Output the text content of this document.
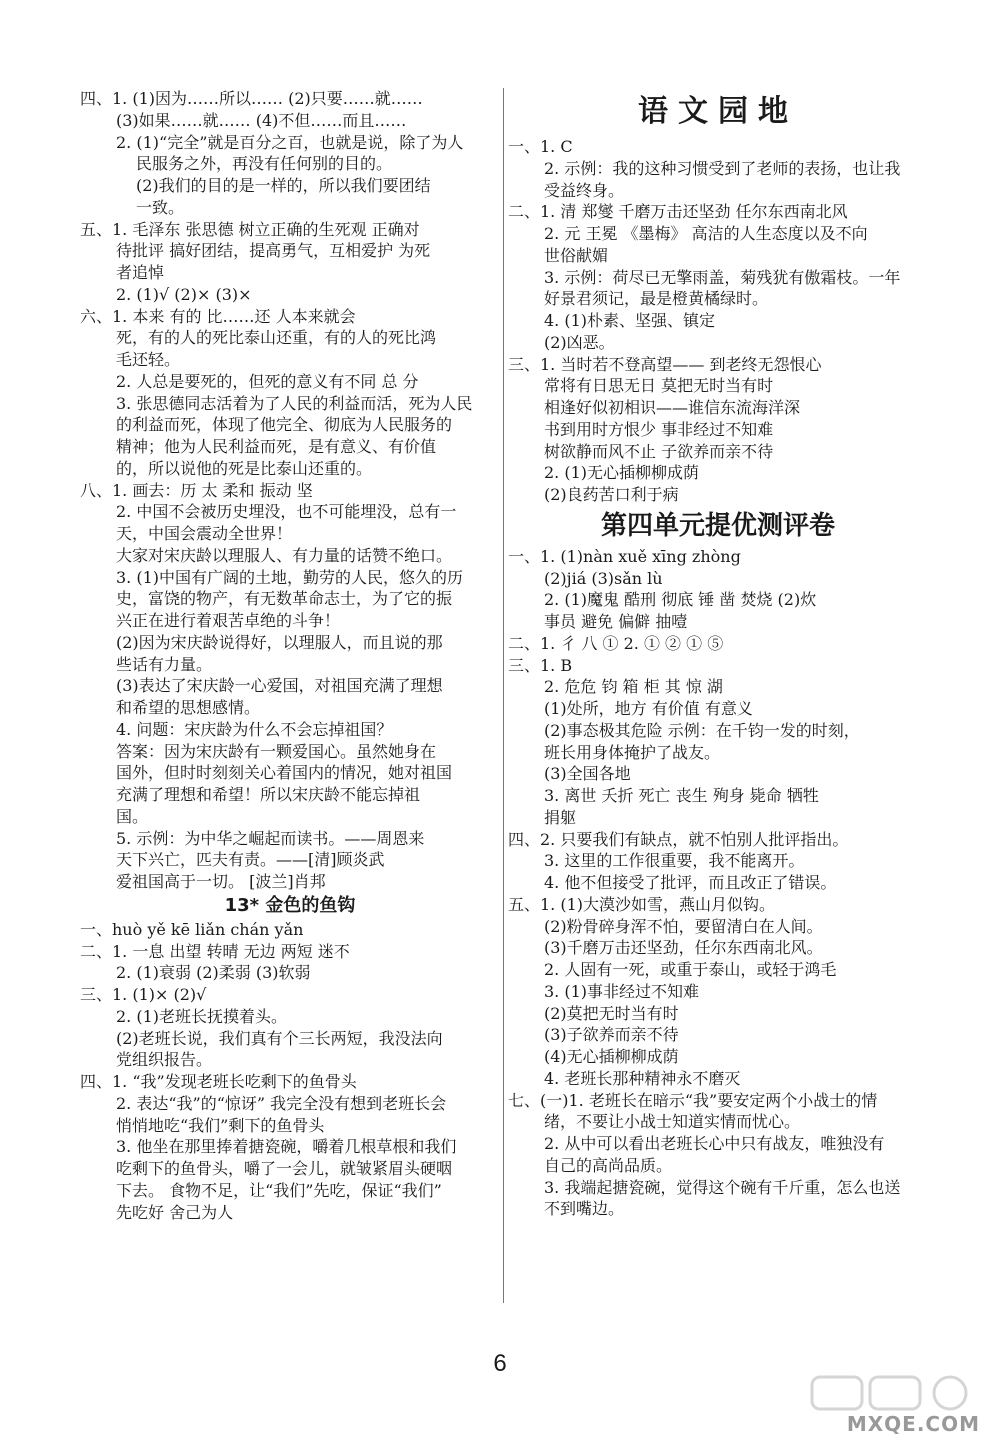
四、1. (1)因为……所以…… (2)只要……就……
(3)如果……就…… (4)不但……而且……
2. (1)“完全”就是百分之百，也就是说，除了为人
民服务之外，再没有任何别的目的。
(2)我们的目的是一样的，所以我们要团结
一致。
五、1. 毛泽东 张思德 树立正确的生死观 正确对
待批评 搞好团结，提高勇气，互相爱护 为死
者追悼
2. (1)√ (2)× (3)×
六、1. 本来 有的 比……还 人本来就会
死，有的人的死比泰山还重，有的人的死比鸿
毛还轻。
2. 人总是要死的，但死的意义有不同 总 分
3. 张思德同志活着为了人民的利益而活，死为人民
的利益而死，体现了他完全、彻底为人民服务的
精神；他为人民利益而死，是有意义、有价值
的，所以说他的死是比泰山还重的。
八、1. 画去：历 太 柔和 振动 坚
2. 中国不会被历史埋没，也不可能埋没，总有一
天，中国会震动全世界！
大家对宋庆龄以理服人、有力量的话赞不绝口。
3. (1)中国有广阔的土地，勤劳的人民，悠久的历
史，富饶的物产，有无数革命志士，为了它的振
兴正在进行着艰苦卓绝的斗争！
(2)因为宋庆龄说得好，以理服人，而且说的那
些话有力量。
(3)表达了宋庆龄一心爱国，对祖国充满了理想
和希望的思想感情。
4. 问题：宋庆龄为什么不会忘掉祖国？
答案：因为宋庆龄有一颗爱国心。虽然她身在
国外，但时时刻刻关心着国内的情况，她对祖国
充满了理想和希望！所以宋庆龄不能忘掉祖
国。
5. 示例：为中华之崛起而读书。——周恩来
天下兴亡，匹夫有责。——[清]顾炎武
爱祖国高于一切。 [波兰]肖邦
13* 金色的鱼钩
一、huò yě kē liǎn chán yǎn
二、1. 一息 出望 转晴 无边 两短 迷不
2. (1)衰弱 (2)柔弱 (3)软弱
三、1. (1)× (2)√
2. (1)老班长抚摸着头。
(2)老班长说，我们真有个三长两短，我没法向
党组织报告。
四、1. “我”发现老班长吃剩下的鱼骨头
2. 表达“我”的“惊讶” 我完全没有想到老班长会
悄悄地吃“我们”剩下的鱼骨头
3. 他坐在那里捧着搪瓷碗，嚼着几根草根和我们
吃剩下的鱼骨头，嚼了一会儿，就皱紧眉头硬咽
下去。 食物不足，让“我们”先吃，保证“我们”
先吃好 舍己为人
语文园地
一、1. C
2. 示例：我的这种习惯受到了老师的表扬，也让我
受益终身。
二、1. 清 郑燮 千磨万击还坚劲 任尔东西南北风
2. 元 王冕 《墨梅》 高洁的人生态度以及不向
世俗献媚
3. 示例：荷尽已无擎雨盖，菊残犹有傲霜枝。一年
好景君须记，最是橙黄橘绿时。
4. (1)朴素、坚强、镇定
(2)凶恶。
三、1. 当时若不登高望—— 到老终无怨恨心
常将有日思无日 莫把无时当有时
相逢好似初相识——谁信东流海洋深
书到用时方恨少 事非经过不知难
树欲静而风不止 子欲养而亲不待
2. (1)无心插柳柳成荫
(2)良药苦口利于病
第四单元提优测评卷
一、1. (1)nàn xuě xīng zhòng
(2)jiá (3)sǎn lù
2. (1)魔鬼 酷刑 彻底 锤 凿 焚烧 (2)炊
事员 避免 偏僻 抽噎
二、1. 彳 八 ① 2. ① ② ① ⑤
三、1. B
2. 危危 钧 箱 柜 其 惊 湖
(1)处所，地方 有价值 有意义
(2)事态极其危险 示例：在千钧一发的时刻，
班长用身体掩护了战友。
(3)全国各地
3. 离世 夭折 死亡 丧生 殉身 毙命 牺牲
捐躯
四、2. 只要我们有缺点，就不怕别人批评指出。
3. 这里的工作很重要，我不能离开。
4. 他不但接受了批评，而且改正了错误。
五、1. (1)大漠沙如雪，燕山月似钩。
(2)粉骨碎身浑不怕，要留清白在人间。
(3)千磨万击还坚劲，任尔东西南北风。
2. 人固有一死，或重于泰山，或轻于鸿毛
3. (1)事非经过不知难
(2)莫把无时当有时
(3)子欲养而亲不待
(4)无心插柳柳成荫
4. 老班长那种精神永不磨灭
七、(一)1. 老班长在暗示“我”要安定两个小战士的情
绪，不要让小战士知道实情而忧心。
2. 从中可以看出老班长心中只有战友，唯独没有
自己的高尚品质。
3. 我端起搪瓷碗，觉得这个碗有千斤重，怎么也送
不到嘴边。
6
MXQE.COM
